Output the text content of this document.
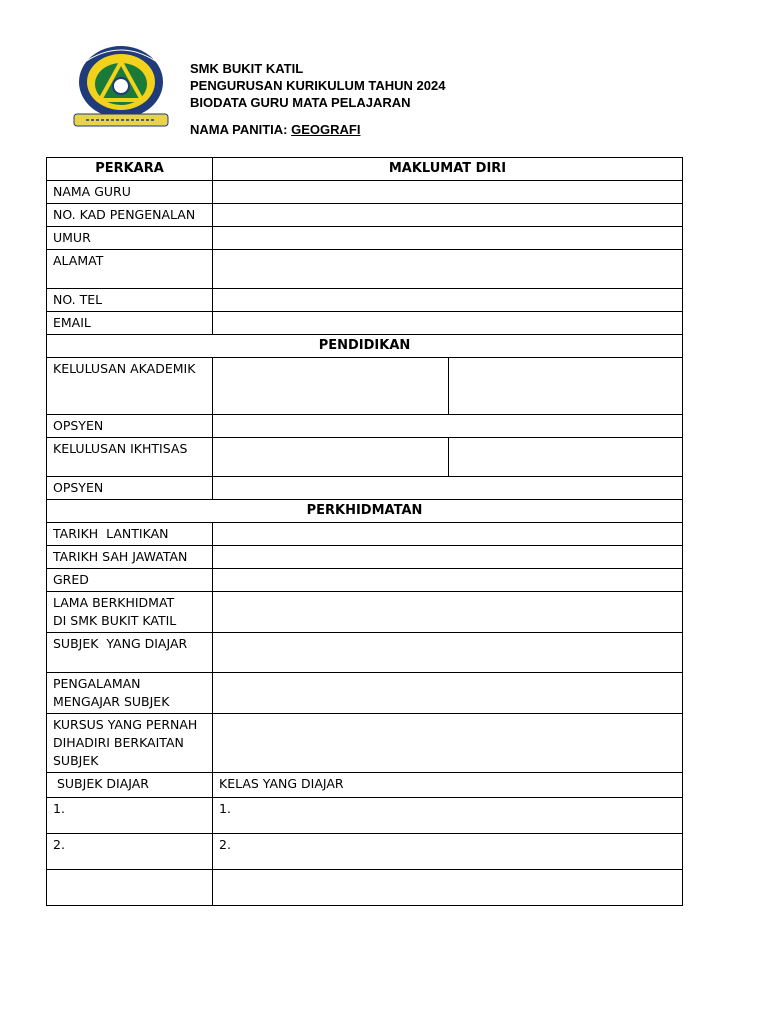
SMK BUKIT KATIL
PENGURUSAN KURIKULUM TAHUN 2024
BIODATA GURU MATA PELAJARAN
NAMA PANITIA: GEOGRAFI
PERKARA	MAKLUMAT DIRI	
NAMA GURU		
NO. KAD PENGENALAN		
UMUR		
ALAMAT		
NO. TEL		
EMAIL		
PENDIDIKAN		
KELULUSAN AKADEMIK		
OPSYEN		
KELULUSAN IKHTISAS		
OPSYEN		
PERKHIDMATAN		
TARIKH  LANTIKAN		
TARIKH SAH JAWATAN		
GRED		

LAMA BERKHIDMAT
DI SMK BUKIT KATIL		

SUBJEK  YANG DIAJAR		

PENGALAMAN
MENGAJAR SUBJEK		

KURSUS YANG PERNAH
DIHADIRI BERKAITAN
SUBJEK		

SUBJEK DIAJAR	KELAS YANG DIAJAR	
1.	1.	
2.	2.	
